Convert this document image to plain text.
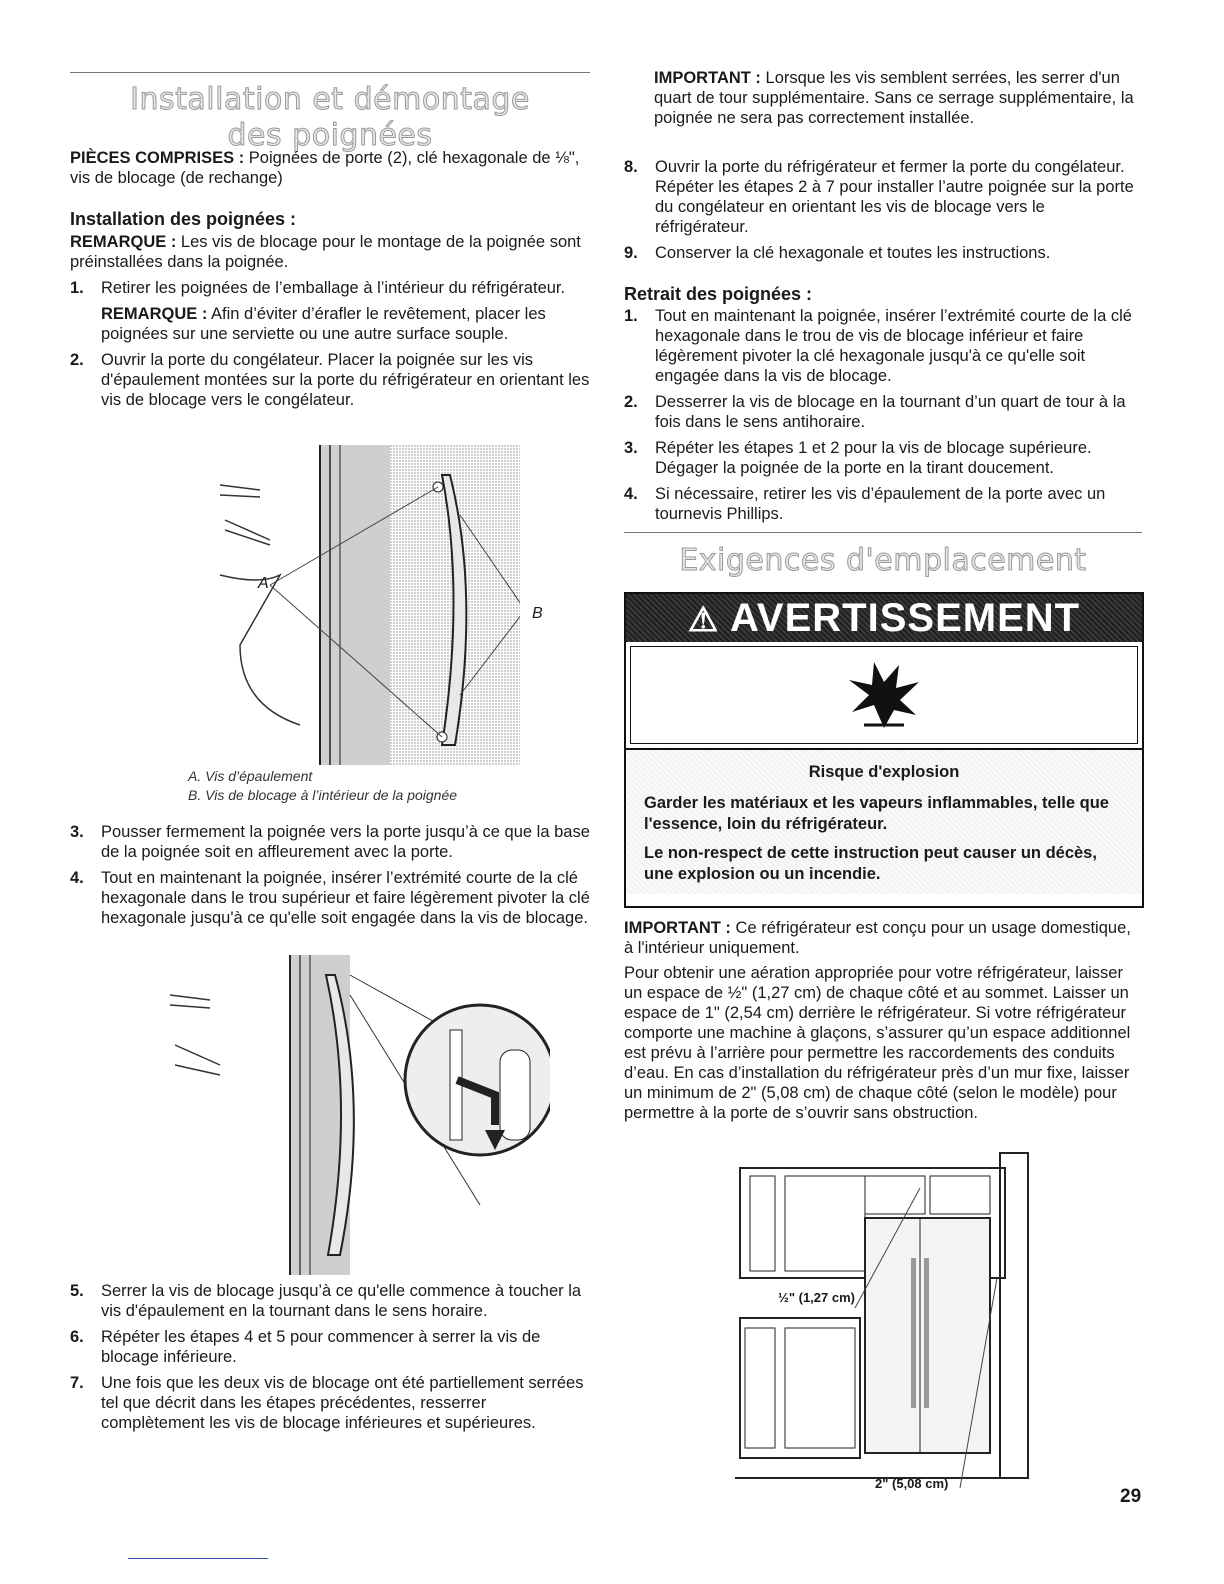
Installation et démontage
des poignées

PIÈCES COMPRISES : Poignées de porte (2), clé hexagonale de ⅛", vis de blocage (de rechange)

Installation des poignées :

REMARQUE : Les vis de blocage pour le montage de la poignée sont préinstallées dans la poignée.

1. Retirer les poignées de l’emballage à l’intérieur du réfrigérateur.

REMARQUE : Afin d’éviter d’érafler le revêtement, placer les poignées sur une serviette ou une autre surface souple.

2. Ouvrir la porte du congélateur. Placer la poignée sur les vis d'épaulement montées sur la porte du réfrigérateur en orientant les vis de blocage vers le congélateur.
A
B
A. Vis d’épaulement
B. Vis de blocage à l’intérieur de la poignée
3. Pousser fermement la poignée vers la porte jusqu’à ce que la base de la poignée soit en affleurement avec la porte.
4. Tout en maintenant la poignée, insérer l’extrémité courte de la clé hexagonale dans le trou supérieur et faire légèrement pivoter la clé hexagonale jusqu'à ce qu'elle soit engagée dans la vis de blocage.
5. Serrer la vis de blocage jusqu’à ce qu'elle commence à toucher la vis d'épaulement en la tournant dans le sens horaire.
6. Répéter les étapes 4 et 5 pour commencer à serrer la vis de blocage inférieure.
7. Une fois que les deux vis de blocage ont été partiellement serrées tel que décrit dans les étapes précédentes, resserrer complètement les vis de blocage inférieures et supérieures.

IMPORTANT : Lorsque les vis semblent serrées, les serrer d'un quart de tour supplémentaire. Sans ce serrage supplémentaire, la poignée ne sera pas correctement installée.

8. Ouvrir la porte du réfrigérateur et fermer la porte du congélateur. Répéter les étapes 2 à 7 pour installer l’autre poignée sur la porte du congélateur en orientant les vis de blocage vers le réfrigérateur.
9. Conserver la clé hexagonale et toutes les instructions.
Retrait des poignées :
1. Tout en maintenant la poignée, insérer l’extrémité courte de la clé hexagonale dans le trou de vis de blocage inférieur et faire légèrement pivoter la clé hexagonale jusqu'à ce qu'elle soit engagée dans la vis de blocage.
2. Desserrer la vis de blocage en la tournant d’un quart de tour à la fois dans le sens antihoraire.
3. Répéter les étapes 1 et 2 pour la vis de blocage supérieure. Dégager la poignée de la porte en la tirant doucement.
4. Si nécessaire, retirer les vis d’épaulement de la porte avec un tournevis Phillips.
Exigences d'emplacement
⚠ AVERTISSEMENT
Risque d'explosion
Garder les matériaux et les vapeurs inflammables, telle que l'essence, loin du réfrigérateur.
Le non-respect de cette instruction peut causer un décès, une explosion ou un incendie.

IMPORTANT : Ce réfrigérateur est conçu pour un usage domestique, à l'intérieur uniquement.

Pour obtenir une aération appropriée pour votre réfrigérateur, laisser un espace de ½" (1,27 cm) de chaque côté et au sommet. Laisser un espace de 1" (2,54 cm) derrière le réfrigérateur. Si votre réfrigérateur comporte une machine à glaçons, s’assurer qu’un espace additionnel est prévu à l’arrière pour permettre les raccordements des conduits d’eau. En cas d’installation du réfrigérateur près d’un mur fixe, laisser un minimum de 2" (5,08 cm) de chaque côté (selon le modèle) pour permettre à la porte de s’ouvrir sans obstruction.

½" (1,27 cm)
2" (5,08 cm)
29
